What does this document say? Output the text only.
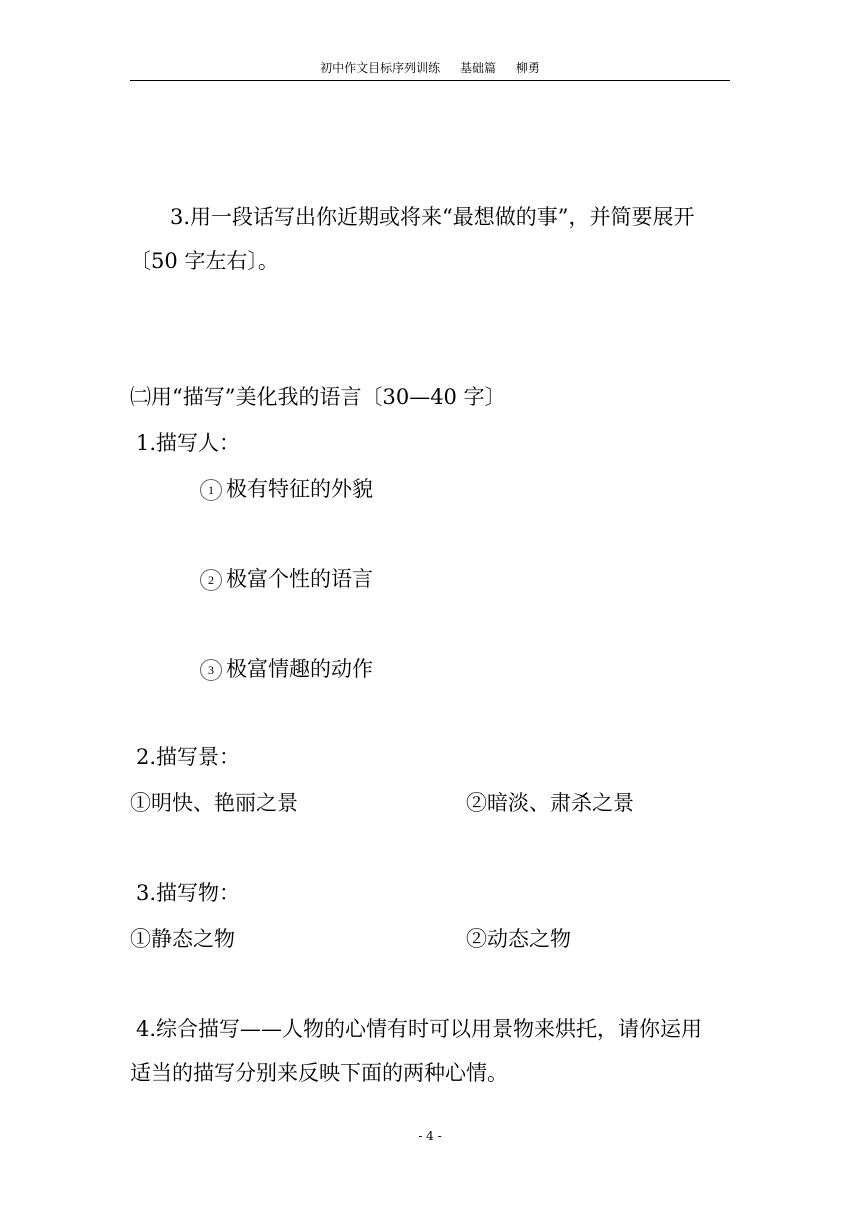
初中作文目标序列训练 基础篇 柳勇
3.用一段话写出你近期或将来“最想做的事”，并简要展开
〔50 字左右〕。
㈡用“描写”美化我的语言〔30—40 字〕
1.描写人：
1 极有特征的外貌
2 极富个性的语言
3 极富情趣的动作
2.描写景：
①明快、艳丽之景	②暗淡、肃杀之景
3.描写物：
①静态之物	②动态之物
4.综合描写——人物的心情有时可以用景物来烘托，请你运用
适当的描写分别来反映下面的两种心情。
- 4 -
